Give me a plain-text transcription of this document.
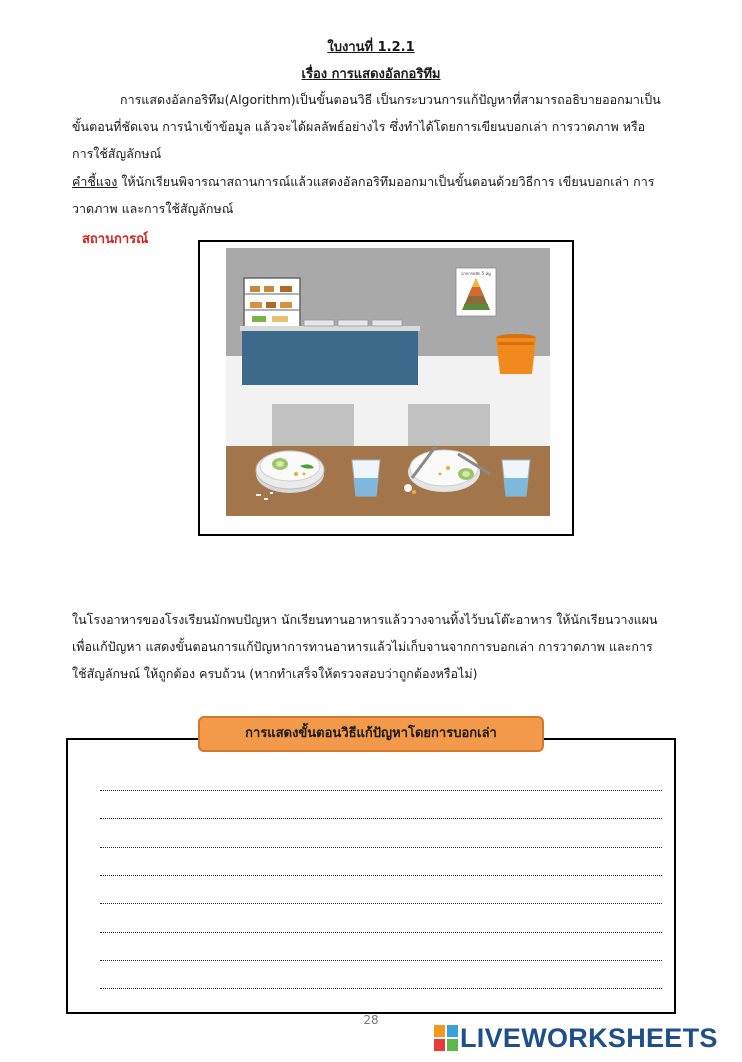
ใบงานที่ 1.2.1
เรื่อง การแสดงอัลกอริทึม
การแสดงอัลกอริทึม(Algorithm)เป็นขั้นตอนวิธี เป็นกระบวนการแก้ปัญหาที่สามารถอธิบายออกมาเป็น
ขั้นตอนที่ชัดเจน การนำเข้าข้อมูล แล้วจะได้ผลลัพธ์อย่างไร ซึ่งทำได้โดยการเขียนบอกเล่า การวาดภาพ หรือ
การใช้สัญลักษณ์
คำชี้แจง ให้นักเรียนพิจารณาสถานการณ์แล้วแสดงอัลกอริทึมออกมาเป็นขั้นตอนด้วยวิธีการ เขียนบอกเล่า การ
วาดภาพ และการใช้สัญลักษณ์
สถานการณ์
อาหารหลัก 5 หมู่
ในโรงอาหารของโรงเรียนมักพบปัญหา นักเรียนทานอาหารแล้ววางจานทิ้งไว้บนโต๊ะอาหาร ให้นักเรียนวางแผน
เพื่อแก้ปัญหา แสดงขั้นตอนการแก้ปัญหาการทานอาหารแล้วไม่เก็บจานจากการบอกเล่า การวาดภาพ และการ
ใช้สัญลักษณ์ ให้ถูกต้อง ครบถ้วน (หากทำเสร็จให้ตรวจสอบว่าถูกต้องหรือไม่)
การแสดงขั้นตอนวิธีแก้ปัญหาโดยการบอกเล่า
28
LIVEWORKSHEETS
